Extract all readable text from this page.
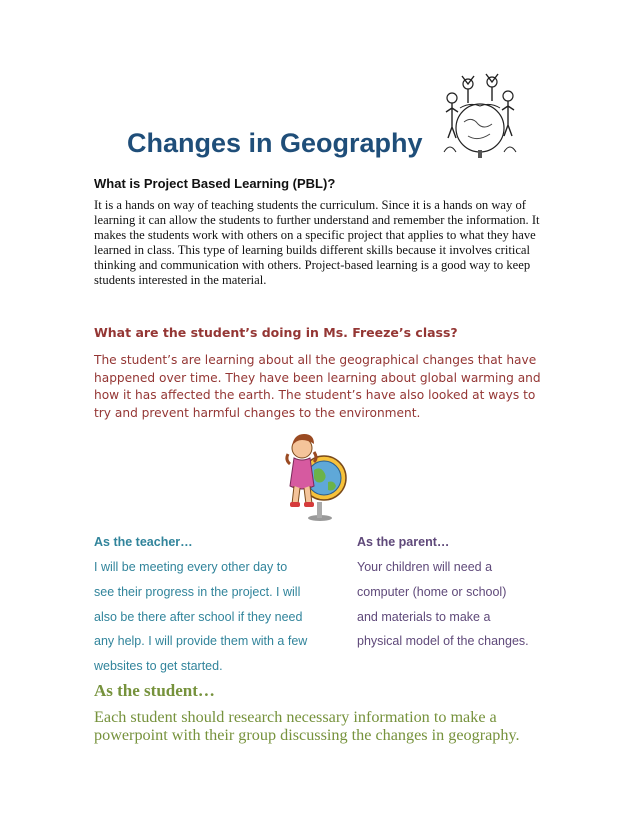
Changes in Geography
What is Project Based Learning (PBL)?

It is a hands on way of teaching students the curriculum. Since it is a hands on way of learning it can allow the students to further understand and remember the information. It makes the students work with others on a specific project that applies to what they have learned in class. This type of learning builds different skills because it involves critical thinking and communication with others. Project-based learning is a good way to keep students interested in the material.

What are the student’s doing in Ms. Freeze’s class?

The student’s are learning about all the geographical changes that have happened over time. They have been learning about global warming and how it has affected the earth. The student’s have also looked at ways to try and prevent harmful changes to the environment.

As the teacher…

I will be meeting every other day to

see their progress in the project. I will

also be there after school if they need

any help. I will provide them with a few

websites to get started.

As the parent…

Your children will need a

computer (home or school)

and materials to make a

physical model of the changes.

As the student…

Each student should research necessary information to make a powerpoint with their group discussing the changes in geography.
